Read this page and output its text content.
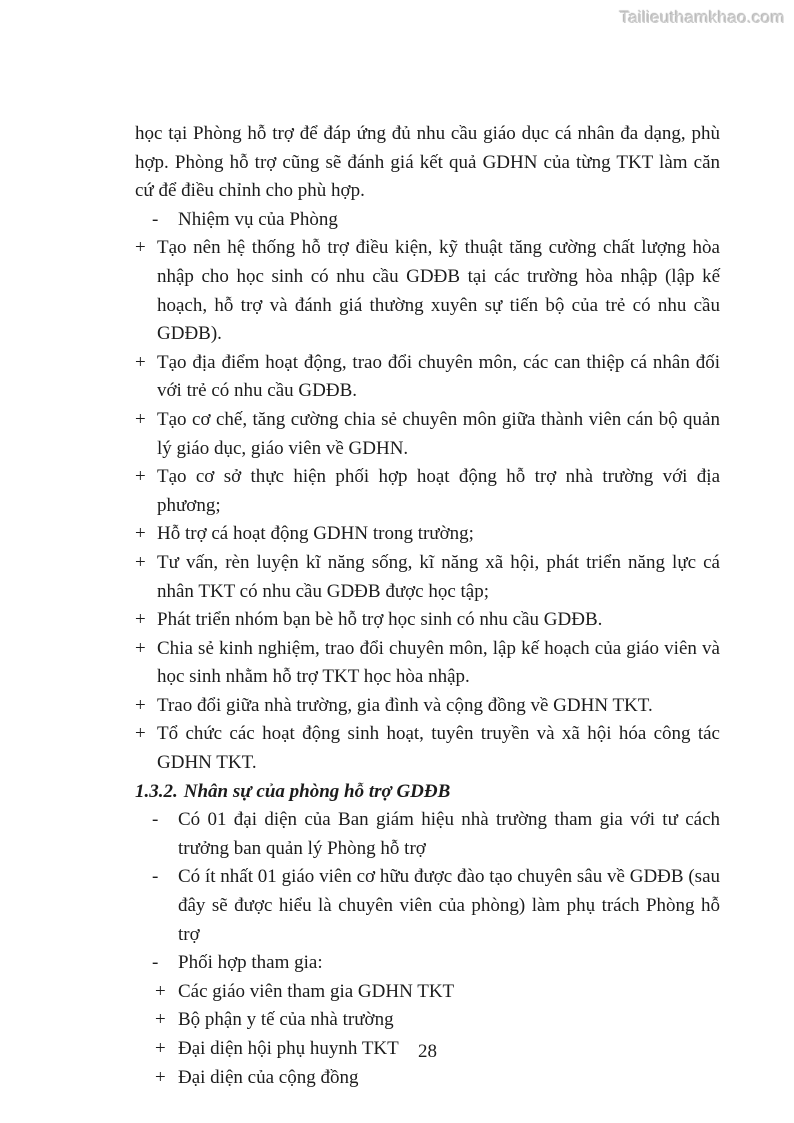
Tailieuthamkhao.com

học tại Phòng hỗ trợ để đáp ứng đủ nhu cầu giáo dục cá nhân đa dạng, phù hợp. Phòng hỗ trợ cũng sẽ đánh giá kết quả GDHN của từng TKT làm căn cứ để điều chỉnh cho phù hợp.

- Nhiệm vụ của Phòng
+ Tạo nên hệ thống hỗ trợ điều kiện, kỹ thuật tăng cường chất lượng hòa nhập cho học sinh có nhu cầu GDĐB tại các trường hòa nhập (lập kế hoạch, hỗ trợ và đánh giá thường xuyên sự tiến bộ của trẻ có nhu cầu GDĐB).
+ Tạo địa điểm hoạt động, trao đổi chuyên môn, các can thiệp cá nhân đối với trẻ có nhu cầu GDĐB.
+ Tạo cơ chế, tăng cường chia sẻ chuyên môn giữa thành viên cán bộ quản lý giáo dục, giáo viên về GDHN.
+ Tạo cơ sở thực hiện phối hợp hoạt động hỗ trợ nhà trường với địa phương;
+ Hỗ trợ cá hoạt động GDHN trong trường;
+ Tư vấn, rèn luyện kĩ năng sống, kĩ năng xã hội, phát triển năng lực cá nhân TKT có nhu cầu GDĐB được học tập;
+ Phát triển nhóm bạn bè hỗ trợ học sinh có nhu cầu GDĐB.
+ Chia sẻ kinh nghiệm, trao đổi chuyên môn, lập kế hoạch của giáo viên và học sinh nhằm hỗ trợ TKT học hòa nhập.
+ Trao đổi giữa nhà trường, gia đình và cộng đồng về GDHN TKT.
+ Tổ chức các hoạt động sinh hoạt, tuyên truyền và xã hội hóa công tác GDHN TKT.
1.3.2. Nhân sự của phòng hỗ trợ GDĐB
- Có 01 đại diện của Ban giám hiệu nhà trường tham gia với tư cách trưởng ban quản lý Phòng hỗ trợ
- Có ít nhất 01 giáo viên cơ hữu được đào tạo chuyên sâu về GDĐB (sau đây sẽ được hiểu là chuyên viên của phòng) làm phụ trách Phòng hỗ trợ
- Phối hợp tham gia:
+ Các giáo viên tham gia GDHN TKT
+ Bộ phận y tế của nhà trường
+ Đại diện hội phụ huynh TKT
+ Đại diện của cộng đồng
28
